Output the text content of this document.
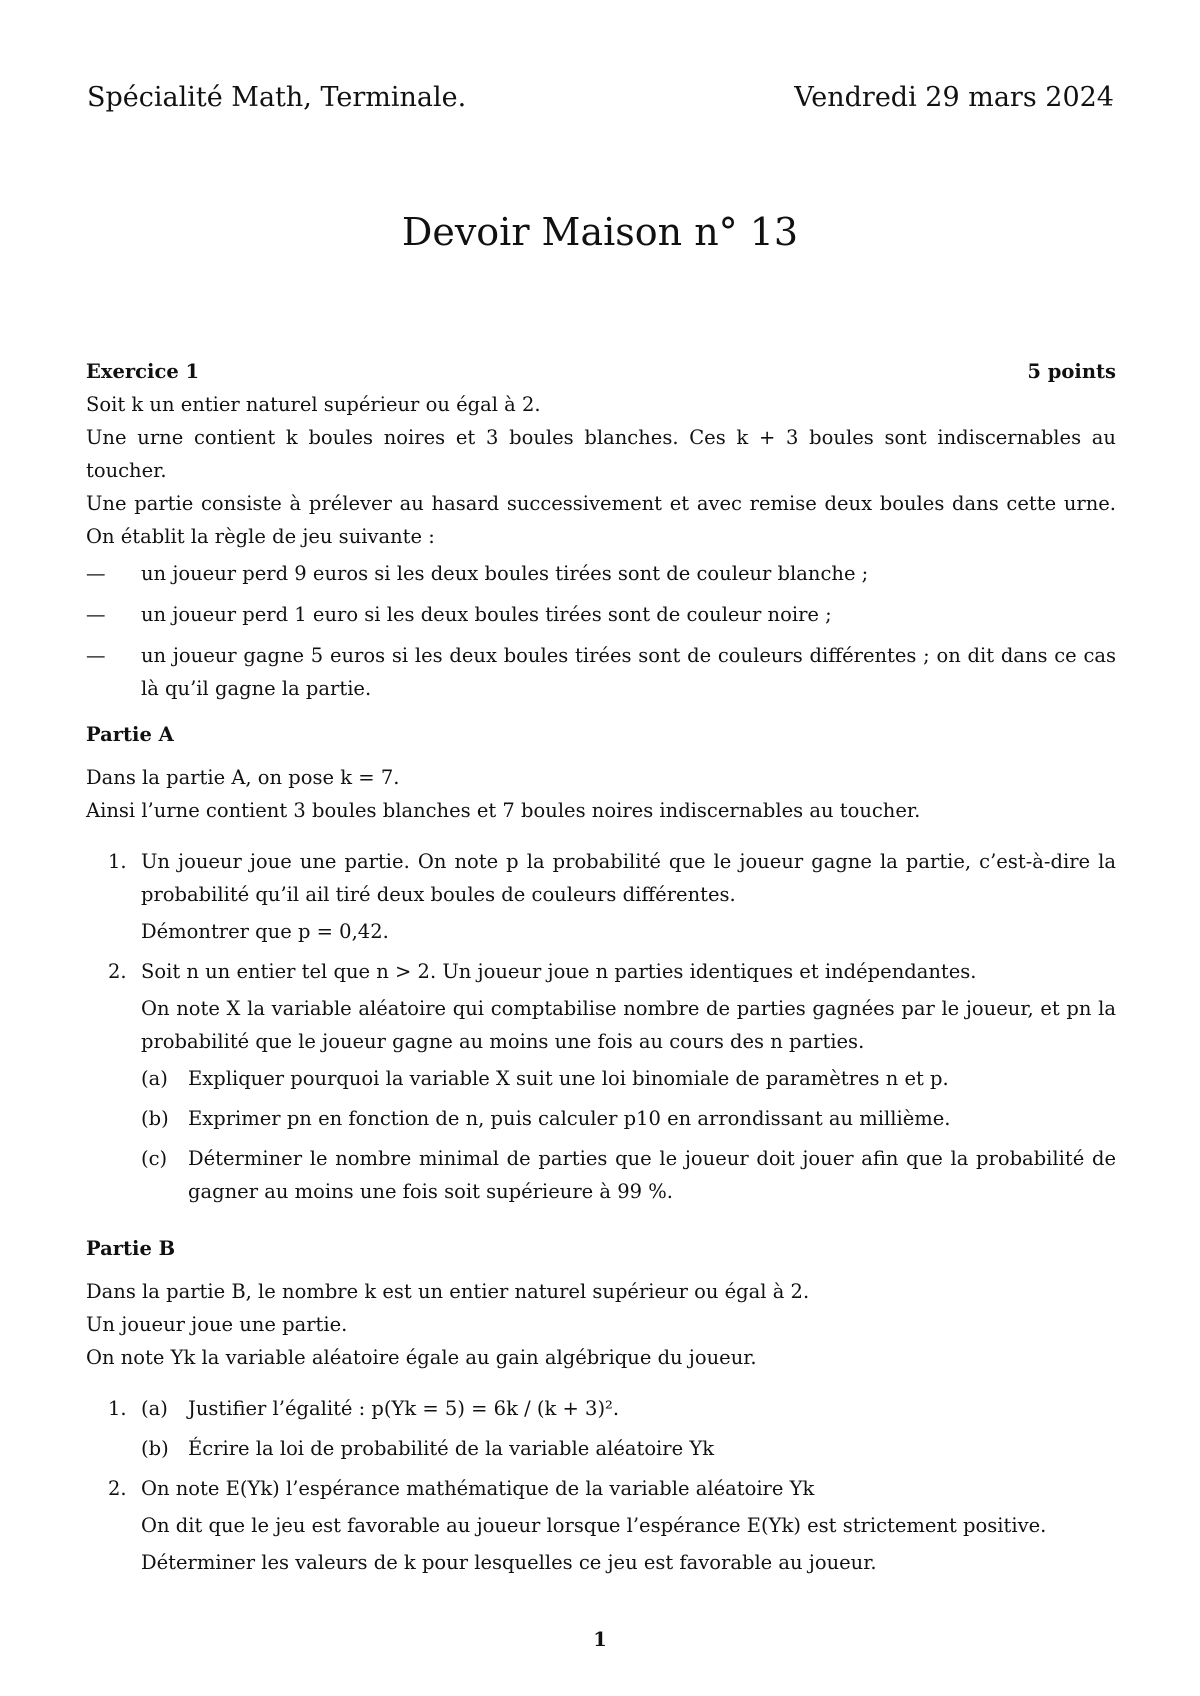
Spécialité Math, Terminale.	Vendredi 29 mars 2024
Devoir Maison n° 13
Exercice 1	5 points

Soit k un entier naturel supérieur ou égal à 2.

Une urne contient k boules noires et 3 boules blanches. Ces k + 3 boules sont indiscernables au toucher.

Une partie consiste à prélever au hasard successivement et avec remise deux boules dans cette urne. On établit la règle de jeu suivante :

— un joueur perd 9 euros si les deux boules tirées sont de couleur blanche ;
— un joueur perd 1 euro si les deux boules tirées sont de couleur noire ;
— un joueur gagne 5 euros si les deux boules tirées sont de couleurs différentes ; on dit dans ce cas là qu’il gagne la partie.
Partie A

Dans la partie A, on pose k = 7.

Ainsi l’urne contient 3 boules blanches et 7 boules noires indiscernables au toucher.

1. Un joueur joue une partie. On note p la probabilité que le joueur gagne la partie, c’est-à-dire la probabilité qu’il ail tiré deux boules de couleurs différentes.
Démontrer que p = 0,42.
2. Soit n un entier tel que n > 2. Un joueur joue n parties identiques et indépendantes.
On note X la variable aléatoire qui comptabilise nombre de parties gagnées par le joueur, et pn la probabilité que le joueur gagne au moins une fois au cours des n parties.
(a) Expliquer pourquoi la variable X suit une loi binomiale de paramètres n et p.
(b) Exprimer pn en fonction de n, puis calculer p10 en arrondissant au millième.
(c) Déterminer le nombre minimal de parties que le joueur doit jouer afin que la probabilité de gagner au moins une fois soit supérieure à 99 %.
Partie B

Dans la partie B, le nombre k est un entier naturel supérieur ou égal à 2.

Un joueur joue une partie.

On note Yk la variable aléatoire égale au gain algébrique du joueur.

1. (a) Justifier l’égalité : p(Yk = 5) = 6k / (k + 3)².
(b) Écrire la loi de probabilité de la variable aléatoire Yk
2. On note E(Yk) l’espérance mathématique de la variable aléatoire Yk
On dit que le jeu est favorable au joueur lorsque l’espérance E(Yk) est strictement positive.
Déterminer les valeurs de k pour lesquelles ce jeu est favorable au joueur.
1
